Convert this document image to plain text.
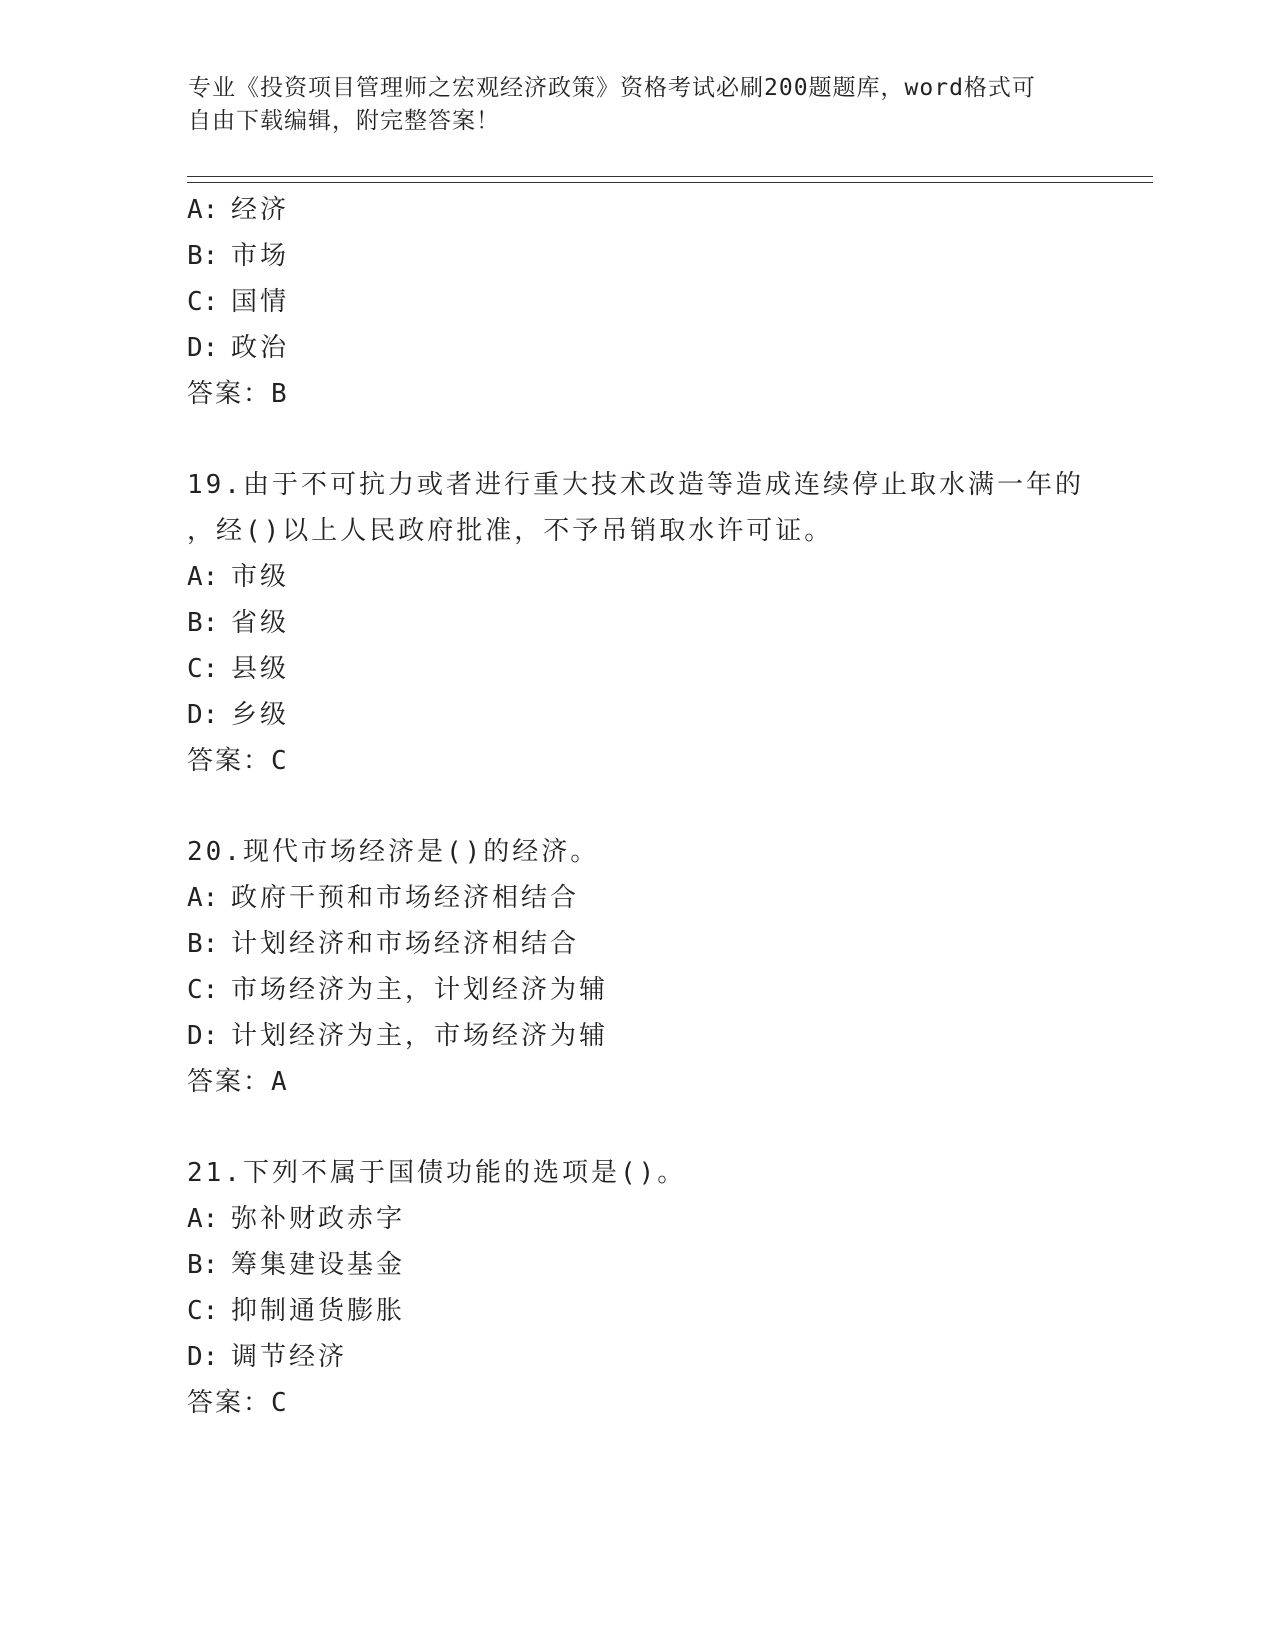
专业《投资项目管理师之宏观经济政策》资格考试必刷200题题库，word格式可
自由下载编辑，附完整答案！
A: 经济
B: 市场
C: 国情
D: 政治
答案：B
19.由于不可抗力或者进行重大技术改造等造成连续停止取水满一年的
，经()以上人民政府批准，不予吊销取水许可证。
A: 市级
B: 省级
C: 县级
D: 乡级
答案：C
20.现代市场经济是()的经济。
A: 政府干预和市场经济相结合
B: 计划经济和市场经济相结合
C: 市场经济为主，计划经济为辅
D: 计划经济为主，市场经济为辅
答案：A
21.下列不属于国债功能的选项是()。
A: 弥补财政赤字
B: 筹集建设基金
C: 抑制通货膨胀
D: 调节经济
答案：C
